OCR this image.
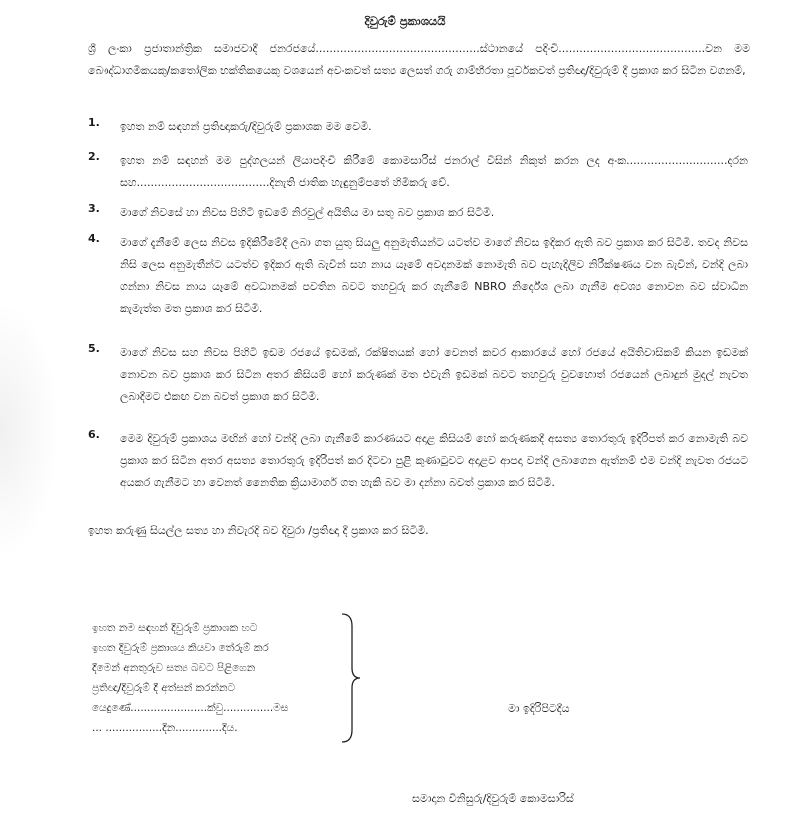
දිවුරුම් ප්‍රකාශයයි
ශ්‍රී ලංකා ප්‍රජාතාන්ත්‍රික සමාජවාදී ජනරජයේ...............................................ස්ථානයේ පදිංචි..........................................වන මම බෞද්ධාගමිකයකු/කතෝලික භක්තිකයෙකු වශයෙන් අවංකවත් සත්‍ය ලෙසත් ගරු ගාම්භීරතා පූර්වකවත් ප්‍රතිඥා/දිවුරුම් දී ප්‍රකාශ කර සිටින වගනම්,
1. ඉහත නම් සඳහන් ප්‍රතිඥාකරු/දිවුරුම් ප්‍රකාශක මම වෙමි.
2. ඉහත නම් සඳහන් මම පුද්ගලයන් ලියාපදිංචි කිරීමේ කොමසාරිස් ජනරාල් විසින් නිකුත් කරන ලද අංක.............................දරන සහ......................................දිනැති ජාතික හැඳුනුම්පතේ හිමිකරු වේ.
3. මාගේ නිවසේ හා නිවස පිහිටි ඉඩමේ නිරවුල් අයිතිය මා සතු බව ප්‍රකාශ කර සිටිමි.
4. මාගේ දැනීමේ ලෙස නිවස ඉදිකිරීමේදී ලබා ගත යුතු සියලු අනුමැතියන්ට යටත්ව මාගේ නිවස ඉදිකර ඇති බව ප්‍රකාශ කර සිටිමි. තවද නිවස නිසි ලෙස අනුමැතීන්ට යටත්ව ඉදිකර ඇති බැවින් සහ නාය යෑමේ අවදානමක් නොමැති බව පැහැදිලිව නිරීක්ෂණය වන බැවින්, වන්දි ලබා ගන්නා නිවස නාය යෑමේ අවධානමක් පවතින බවට තහවුරු කර ගැනීමේ NBRO නිර්දේශ ලබා ගැනීම අවශ්‍ය නොවන බව ස්වාධීන කැමැත්ත මත ප්‍රකාශ කර සිටිමි.
5. මාගේ නිවස සහ නිවස පිහිටි ඉඩම රජයේ ඉඩමක්, රක්ෂිතයක් හෝ වෙනත් කවර ආකාරයේ හෝ රජයේ අයිතිවාසිකම් කියන ඉඩමක් නොවන බව ප්‍රකාශ කර සිටින අතර කිසියම් හෝ කරුණක් මත එවැනි ඉඩමක් බවට තහවුරු වුවහොත් රජයෙන් ලබාදුන් මුදල් නැවත ලබාදීමට එකඟ වන බවත් ප්‍රකාශ කර සිටිමි.
6. මෙම දිවුරුම් ප්‍රකාශය මඟින් හෝ වන්දි ලබා ගැනීමේ කාරණයට අදාළ කිසියම් හෝ කරුණකදී අසත්‍ය තොරතුරු ඉදිරිපත් කර නොමැති බව ප්‍රකාශ කර සිටින අතර අසත්‍ය තොරතුරු ඉදිරිපත් කර දිටවා පුළි කුණාටුවට අදාළව ආපදා වන්දි ලබාගෙන ඇත්නම් එම වන්දි නැවත රජයට අයකර ගැනීමට හා වෙනත් නෛතික ක්‍රියාමාර්ග ගත හැකි බව මා දන්නා බවත් ප්‍රකාශ කර සිටිමි.
ඉහත කරුණු සියල්ල සත්‍ය හා නිවැරදි බව දිවුරා /ප්‍රතිඥා දී ප්‍රකාශ කර සිටිමි.
ඉහත නම සඳහන් දිවුරුම් ප්‍රකාශක හට
ඉහත දිවුරුම් ප්‍රකාශය කියවා තේරුම් කර
දීමෙන් අනතුරුව සත්‍ය බවට පිළිගෙන
ප්‍රතිඥා/දිවුරුම් දී අත්සන් කරන්නට
යෙදුණේ.......................ක්වු...............මස
... .................දින..............දිය.
මා ඉදිරිපිටදීය
සමාදාන විනිසුරු/දිවුරුම් කොමසාරිස්
